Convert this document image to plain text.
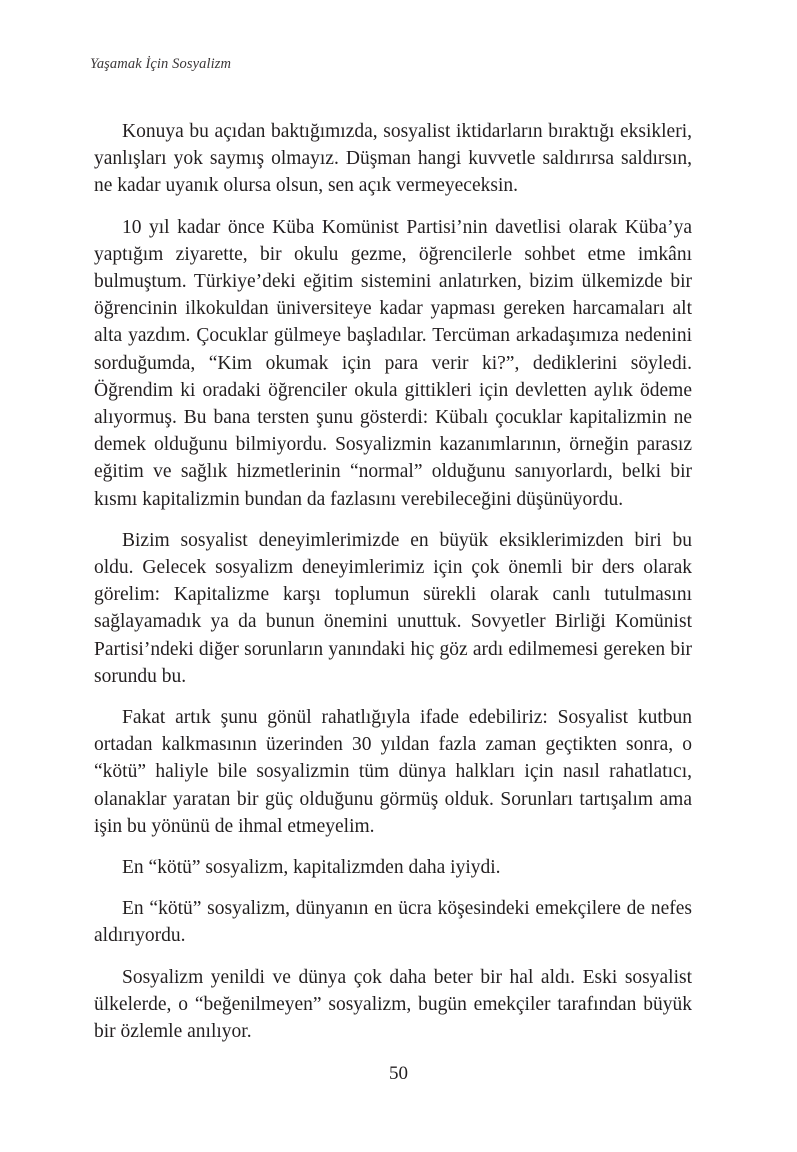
Yaşamak İçin Sosyalizm

Konuya bu açıdan baktığımızda, sosyalist iktidarların bıraktığı eksikleri, yanlışları yok saymış olmayız. Düşman hangi kuvvetle saldırırsa saldırsın, ne kadar uyanık olursa olsun, sen açık vermeyeceksin.

10 yıl kadar önce Küba Komünist Partisi’nin davetlisi olarak Küba’ya yaptığım ziyarette, bir okulu gezme, öğrencilerle sohbet etme imkânı bulmuştum. Türkiye’deki eğitim sistemini anlatırken, bizim ülkemizde bir öğrencinin ilkokuldan üniversiteye kadar yapması gereken harcamaları alt alta yazdım. Çocuklar gülmeye başladılar. Tercüman arkadaşımıza nedenini sorduğumda, “Kim okumak için para verir ki?”, dediklerini söyledi. Öğrendim ki oradaki öğrenciler okula gittikleri için devletten aylık ödeme alıyormuş. Bu bana tersten şunu gösterdi: Kübalı çocuklar kapitalizmin ne demek olduğunu bilmiyordu. Sosyalizmin kazanımlarının, örneğin parasız eğitim ve sağlık hizmetlerinin “normal” olduğunu sanıyorlardı, belki bir kısmı kapitalizmin bundan da fazlasını verebileceğini düşünüyordu.

Bizim sosyalist deneyimlerimizde en büyük eksiklerimizden biri bu oldu. Gelecek sosyalizm deneyimlerimiz için çok önemli bir ders olarak görelim: Kapitalizme karşı toplumun sürekli olarak canlı tutulmasını sağlayamadık ya da bunun önemini unuttuk. Sovyetler Birliği Komünist Partisi’ndeki diğer sorunların yanındaki hiç göz ardı edilmemesi gereken bir sorundu bu.

Fakat artık şunu gönül rahatlığıyla ifade edebiliriz: Sosyalist kutbun ortadan kalkmasının üzerinden 30 yıldan fazla zaman geçtikten sonra, o “kötü” haliyle bile sosyalizmin tüm dünya halkları için nasıl rahatlatıcı, olanaklar yaratan bir güç olduğunu görmüş olduk. Sorunları tartışalım ama işin bu yönünü de ihmal etmeyelim.

En “kötü” sosyalizm, kapitalizmden daha iyiydi.

En “kötü” sosyalizm, dünyanın en ücra köşesindeki emekçilere de nefes aldırıyordu.

Sosyalizm yenildi ve dünya çok daha beter bir hal aldı. Eski sosyalist ülkelerde, o “beğenilmeyen” sosyalizm, bugün emekçiler tarafından büyük bir özlemle anılıyor.

50
